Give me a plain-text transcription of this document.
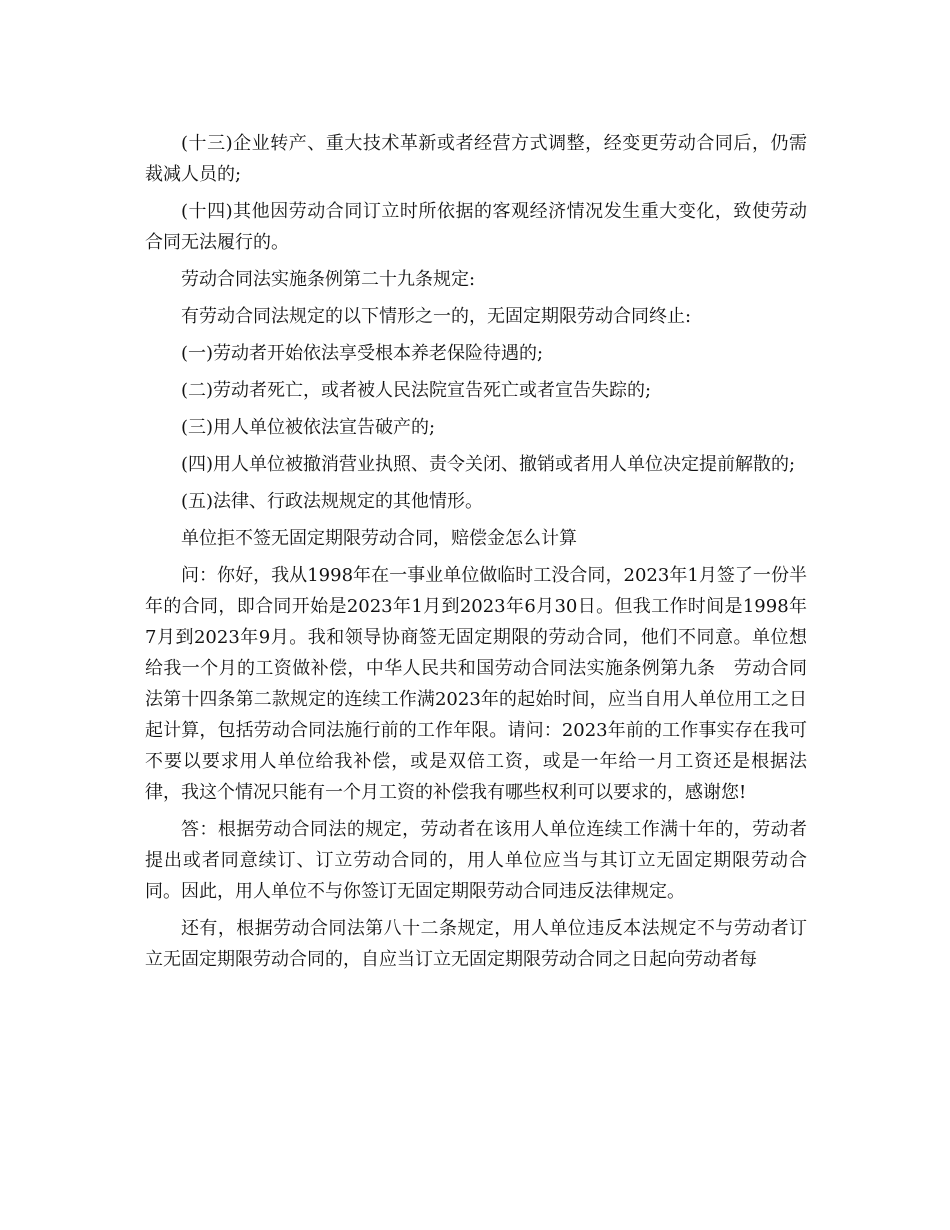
(十三)企业转产、重大技术革新或者经营方式调整，经变更劳动合同后，仍需裁减人员的;

(十四)其他因劳动合同订立时所依据的客观经济情况发生重大变化，致使劳动合同无法履行的。

劳动合同法实施条例第二十九条规定:

有劳动合同法规定的以下情形之一的，无固定期限劳动合同终止:

(一)劳动者开始依法享受根本养老保险待遇的;

(二)劳动者死亡，或者被人民法院宣告死亡或者宣告失踪的;

(三)用人单位被依法宣告破产的;

(四)用人单位被撤消营业执照、责令关闭、撤销或者用人单位决定提前解散的;

(五)法律、行政法规规定的其他情形。

单位拒不签无固定期限劳动合同，赔偿金怎么计算

问：你好，我从1998年在一事业单位做临时工没合同，2023年1月签了一份半年的合同，即合同开始是2023年1月到2023年6月30日。但我工作时间是1998年7月到2023年9月。我和领导协商签无固定期限的劳动合同，他们不同意。单位想给我一个月的工资做补偿，中华人民共和国劳动合同法实施条例第九条　劳动合同法第十四条第二款规定的连续工作满2023年的起始时间，应当自用人单位用工之日起计算，包括劳动合同法施行前的工作年限。请问：2023年前的工作事实存在我可不要以要求用人单位给我补偿，或是双倍工资，或是一年给一月工资还是根据法律，我这个情况只能有一个月工资的补偿我有哪些权利可以要求的，感谢您!

答：根据劳动合同法的规定，劳动者在该用人单位连续工作满十年的，劳动者提出或者同意续订、订立劳动合同的，用人单位应当与其订立无固定期限劳动合同。因此，用人单位不与你签订无固定期限劳动合同违反法律规定。

还有，根据劳动合同法第八十二条规定，用人单位违反本法规定不与劳动者订立无固定期限劳动合同的，自应当订立无固定期限劳动合同之日起向劳动者每
